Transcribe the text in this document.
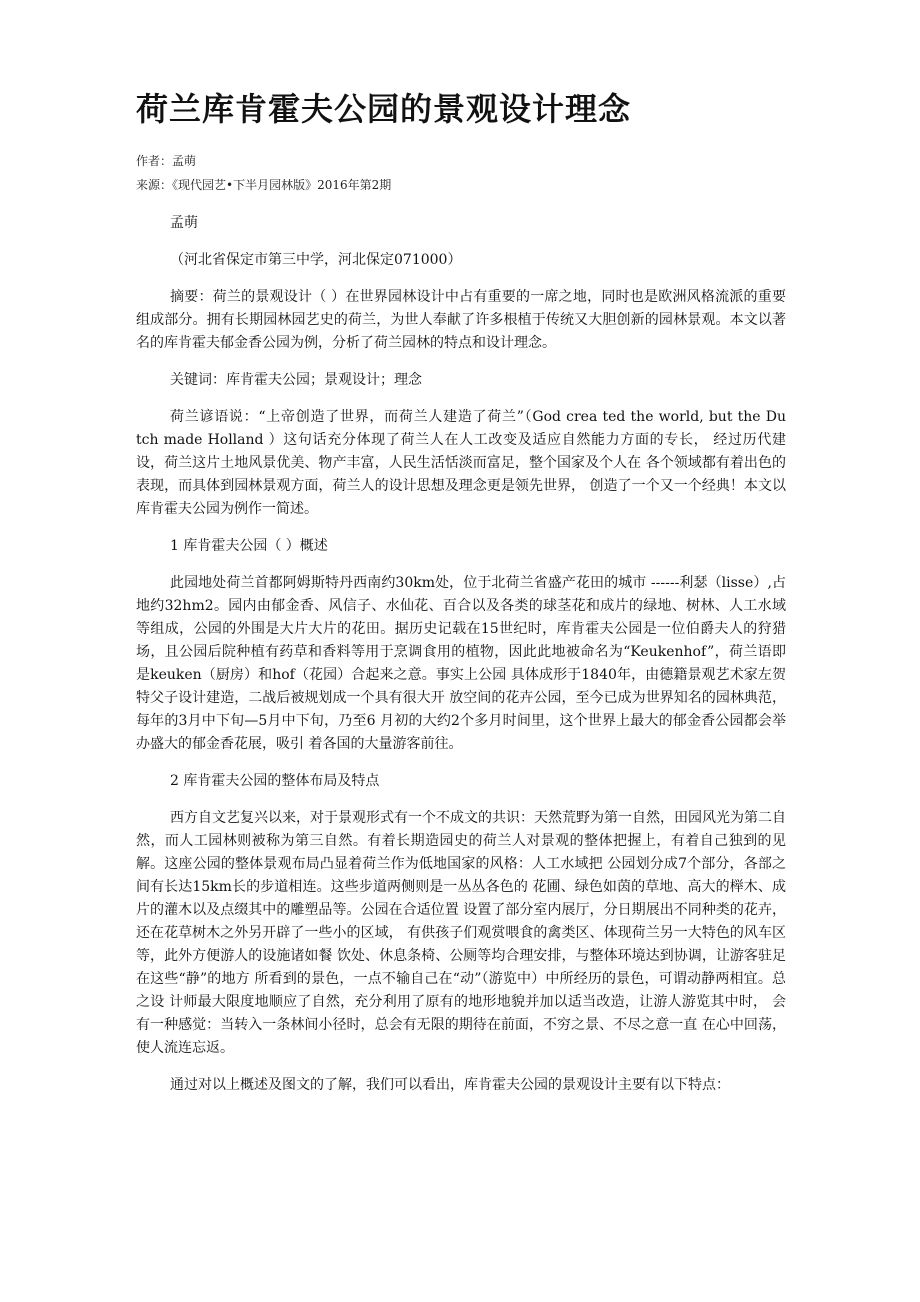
荷兰库肯霍夫公园的景观设计理念
作者：孟萌
来源：《现代园艺•下半月园林版》2016年第2期

孟萌

（河北省保定市第三中学，河北保定071000）

摘要：荷兰的景观设计（ ）在世界园林设计中占有重要的一席之地，同时也是欧洲风格流派的重要组成部分。拥有长期园林园艺史的荷兰，为世人奉献了许多根植于传统又大胆创新的园林景观。本文以著名的库肯霍夫郁金香公园为例，分析了荷兰园林的特点和设计理念。

关键词：库肯霍夫公园；景观设计；理念

荷兰谚语说：“上帝创造了世界，而荷兰人建造了荷兰”（God crea ted the world, but the Du tch made Holland ）这句话充分体现了荷兰人在人工改变及适应自然能力方面的专长， 经过历代建设，荷兰这片土地风景优美、物产丰富，人民生活恬淡而富足，整个国家及个人在 各个领域都有着出色的表现，而具体到园林景观方面，荷兰人的设计思想及理念更是领先世界， 创造了一个又一个经典！本文以库肯霍夫公园为例作一简述。

1 库肯霍夫公园（ ）概述

此园地处荷兰首都阿姆斯特丹西南约30km处，位于北荷兰省盛产花田的城市 ------利瑟（lisse）,占地约32hm2。园内由郁金香、风信子、水仙花、百合以及各类的球茎花和成片的绿地、树林、人工水域等组成，公园的外围是大片大片的花田。据历史记载在15世纪时，库肯霍夫公园是一位伯爵夫人的狩猎场，且公园后院种植有药草和香料等用于烹调食用的植物，因此此地被命名为“Keukenhof”，荷兰语即是keuken（厨房）和hof（花园）合起来之意。事实上公园 具体成形于1840年，由德籍景观艺术家左贺特父子设计建造，二战后被规划成一个具有很大开 放空间的花卉公园，至今已成为世界知名的园林典范，每年的3月中下旬—5月中下旬，乃至6 月初的大约2个多月时间里，这个世界上最大的郁金香公园都会举办盛大的郁金香花展，吸引 着各国的大量游客前往。

2 库肯霍夫公园的整体布局及特点

西方自文艺复兴以来，对于景观形式有一个不成文的共识：天然荒野为第一自然，田园风光为第二自然，而人工园林则被称为第三自然。有着长期造园史的荷兰人对景观的整体把握上，有着自己独到的见解。这座公园的整体景观布局凸显着荷兰作为低地国家的风格：人工水域把 公园划分成7个部分，各部之间有长达15km长的步道相连。这些步道两侧则是一丛丛各色的 花圃、绿色如茵的草地、高大的榉木、成片的灌木以及点缀其中的雕塑品等。公园在合适位置 设置了部分室内展厅，分日期展出不同种类的花卉，还在花草树木之外另开辟了一些小的区域， 有供孩子们观赏喂食的禽类区、体现荷兰另一大特色的风车区等，此外方便游人的设施诸如餐 饮处、休息条椅、公厕等均合理安排，与整体环境达到协调，让游客驻足在这些“静”的地方 所看到的景色，一点不输自己在“动”（游览中）中所经历的景色，可谓动静两相宜。总之设 计师最大限度地顺应了自然，充分利用了原有的地形地貌并加以适当改造，让游人游览其中时， 会有一种感觉：当转入一条林间小径时，总会有无限的期待在前面，不穷之景、不尽之意一直 在心中回荡，使人流连忘返。

通过对以上概述及图文的了解，我们可以看出，库肯霍夫公园的景观设计主要有以下特点：
